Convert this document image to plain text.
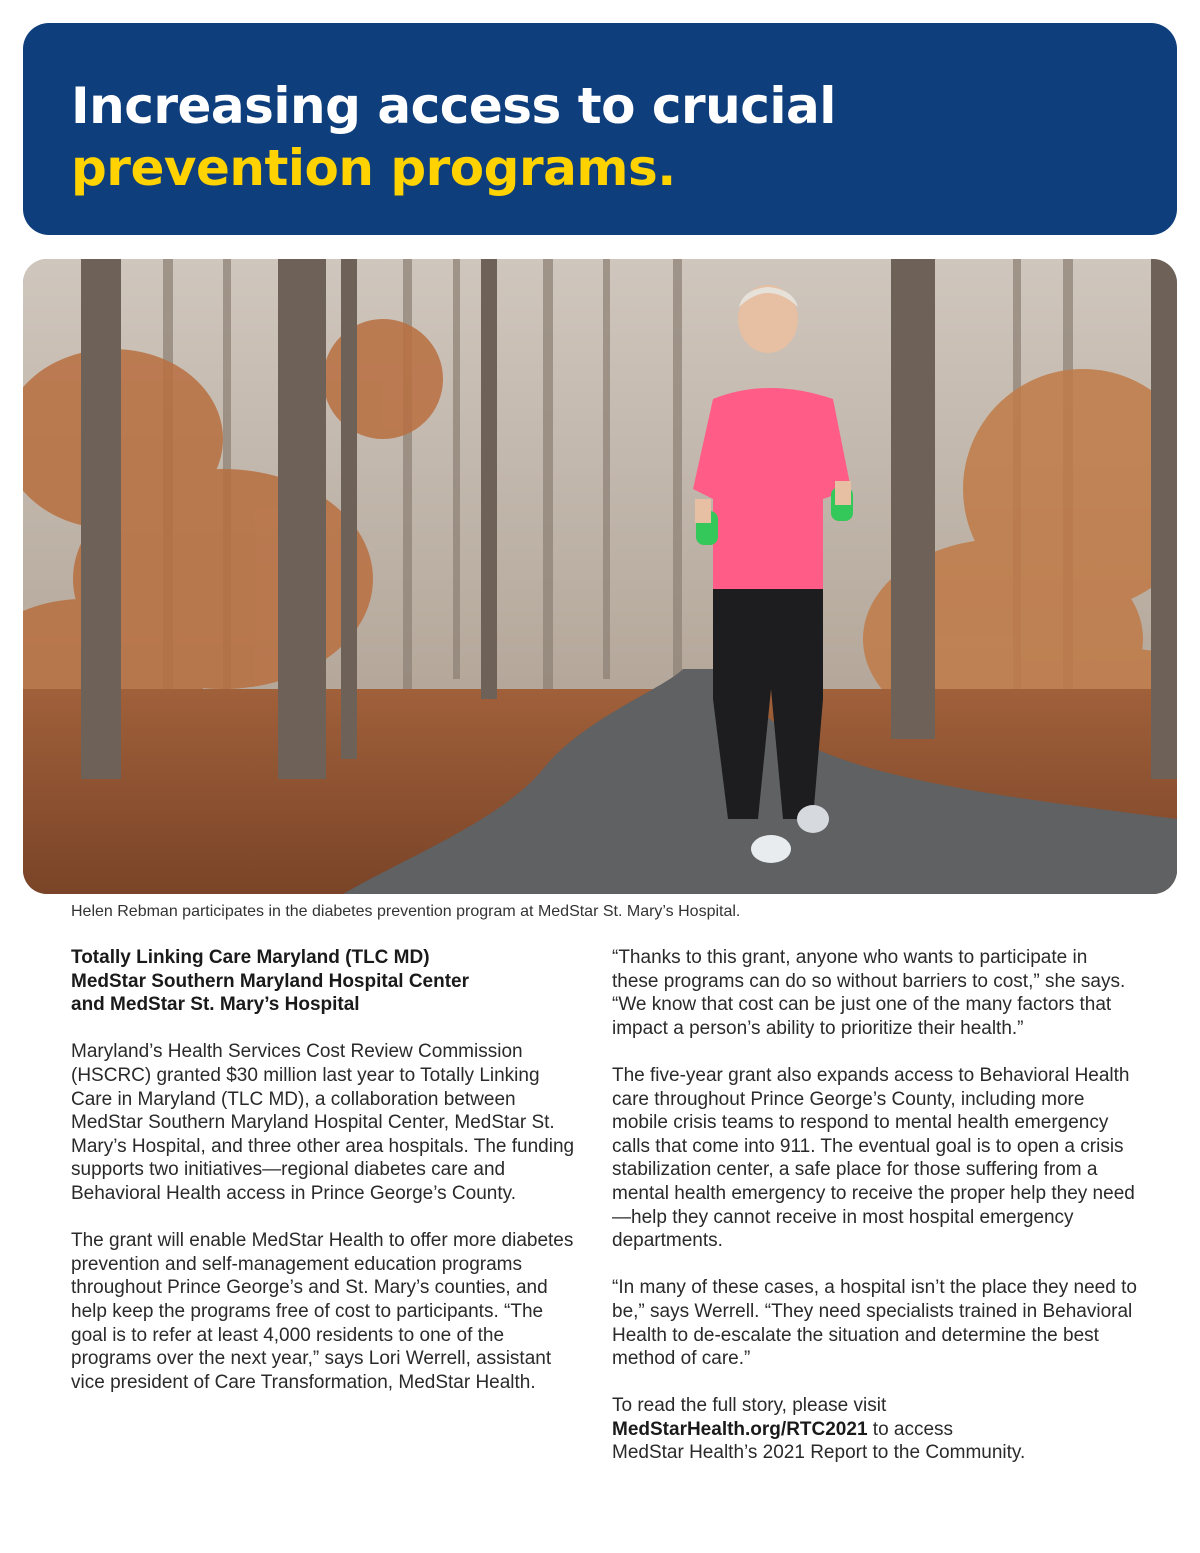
Increasing access to crucial
prevention programs.

Helen Rebman participates in the diabetes prevention program at MedStar St. Mary’s Hospital.

Totally Linking Care Maryland (TLC MD)
MedStar Southern Maryland Hospital Center
and MedStar St. Mary’s Hospital

Maryland’s Health Services Cost Review Commission (HSCRC) granted $30 million last year to Totally Linking Care in Maryland (TLC MD), a collaboration between MedStar Southern Maryland Hospital Center, MedStar St. Mary’s Hospital, and three other area hospitals. The funding supports two initiatives—regional diabetes care and Behavioral Health access in Prince George’s County.

The grant will enable MedStar Health to offer more diabetes prevention and self-management education programs throughout Prince George’s and St. Mary’s counties, and help keep the programs free of cost to participants. “The goal is to refer at least 4,000 residents to one of the programs over the next year,” says Lori Werrell, assistant vice president of Care Transformation, MedStar Health.

“Thanks to this grant, anyone who wants to participate in these programs can do so without barriers to cost,” she says. “We know that cost can be just one of the many factors that impact a person’s ability to prioritize their health.”

The five-year grant also expands access to Behavioral Health care throughout Prince George’s County, including more mobile crisis teams to respond to mental health emergency calls that come into 911. The eventual goal is to open a crisis stabilization center, a safe place for those suffering from a mental health emergency to receive the proper help they need—help they cannot receive in most hospital emergency departments.

“In many of these cases, a hospital isn’t the place they need to be,” says Werrell. “They need specialists trained in Behavioral Health to de-escalate the situation and determine the best method of care.”

To read the full story, please visit
MedStarHealth.org/RTC2021 to access
MedStar Health’s 2021 Report to the Community.
